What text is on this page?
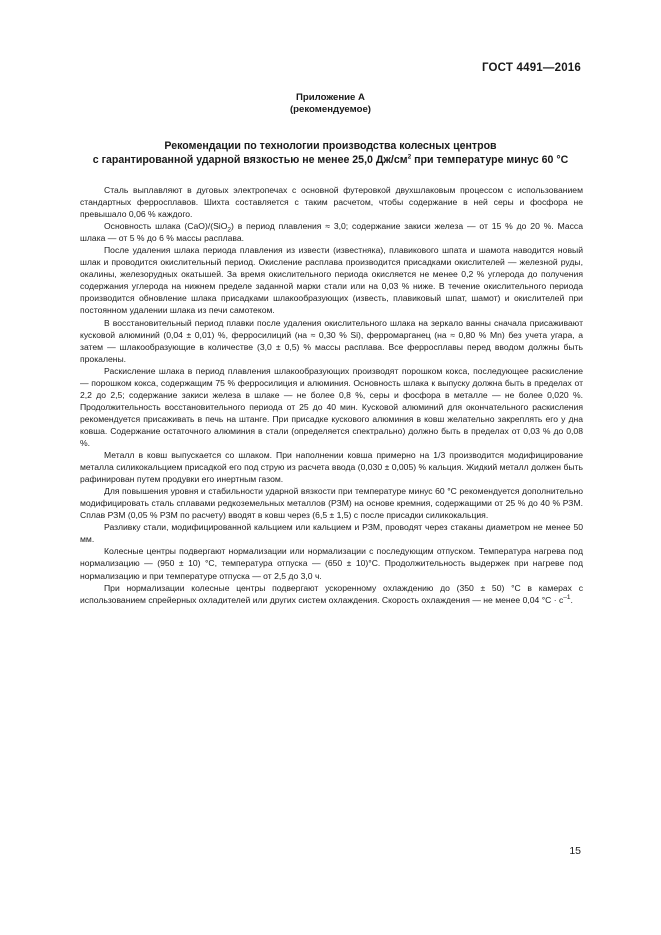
ГОСТ 4491—2016
Приложение А
(рекомендуемое)
Рекомендации по технологии производства колесных центров
с гарантированной ударной вязкостью не менее 25,0 $Дж/см^2$ при температуре минус 60 °С

Сталь выплавляют в дуговых электропечах с основной футеровкой двухшлаковым процессом с использованием стандартных ферросплавов. Шихта составляется с таким расчетом, чтобы содержание в ней серы и фосфора не превышало 0,06 % каждого.

Основность шлака (CaO)/(SiO$_2$) в период плавления ≈ 3,0; содержание закиси железа — от 15 % до 20 %. Масса шлака — от 5 % до 6 % массы расплава.

После удаления шлака периода плавления из извести (известняка), плавикового шпата и шамота наводится новый шлак и проводится окислительный период. Окисление расплава производится присадками окислителей — железной руды, окалины, железорудных окатышей. За время окислительного периода окисляется не менее 0,2 % углерода до получения содержания углерода на нижнем пределе заданной марки стали или на 0,03 % ниже. В течение окислительного периода производится обновление шлака присадками шлакообразующих (известь, плавиковый шпат, шамот) и окислителей при постоянном удалении шлака из печи самотеком.

В восстановительный период плавки после удаления окислительного шлака на зеркало ванны сначала присаживают кусковой алюминий (0,04 ± 0,01) %, ферросилиций (на ≈ 0,30 % Si), ферромарганец (на ≈ 0,80 % Mn) без учета угара, а затем — шлакообразующие в количестве (3,0 ± 0,5) % массы расплава. Все ферросплавы перед вводом должны быть прокалены.

Раскисление шлака в период плавления шлакообразующих производят порошком кокса, последующее раскисление — порошком кокса, содержащим 75 % ферросилиция и алюминия. Основность шлака к выпуску должна быть в пределах от 2,2 до 2,5; содержание закиси железа в шлаке — не более 0,8 %, серы и фосфора в металле — не более 0,020 %. Продолжительность восстановительного периода от 25 до 40 мин. Кусковой алюминий для окончательного раскисления рекомендуется присаживать в печь на штанге. При присадке кускового алюминия в ковш желательно закреплять его у дна ковша. Содержание остаточного алюминия в стали (определяется спектрально) должно быть в пределах от 0,03 % до 0,08 %.

Металл в ковш выпускается со шлаком. При наполнении ковша примерно на 1/3 производится модифицирование металла силикокальцием присадкой его под струю из расчета ввода (0,030 ± 0,005) % кальция. Жидкий металл должен быть рафинирован путем продувки его инертным газом.

Для повышения уровня и стабильности ударной вязкости при температуре минус 60 °С рекомендуется дополнительно модифицировать сталь сплавами редкоземельных металлов (РЗМ) на основе кремния, содержащими от 25 % до 40 % РЗМ. Сплав РЗМ (0,05 % РЗМ по расчету) вводят в ковш через (6,5 ± 1,5) с после присадки силикокальция.

Разливку стали, модифицированной кальцием или кальцием и РЗМ, проводят через стаканы диаметром не менее 50 мм.

Колесные центры подвергают нормализации или нормализации с последующим отпуском. Температура нагрева под нормализацию — (950 ± 10) °С, температура отпуска — (650 ± 10)°С. Продолжительность выдержек при нагреве под нормализацию и при температуре отпуска — от 2,5 до 3,0 ч.

При нормализации колесные центры подвергают ускоренному охлаждению до (350 ± 50) °С в камерах с использованием спрейерных охладителей или других систем охлаждения. Скорость охлаждения — не менее 0,04 $^\circ С \cdot с^{-1}$.

15
